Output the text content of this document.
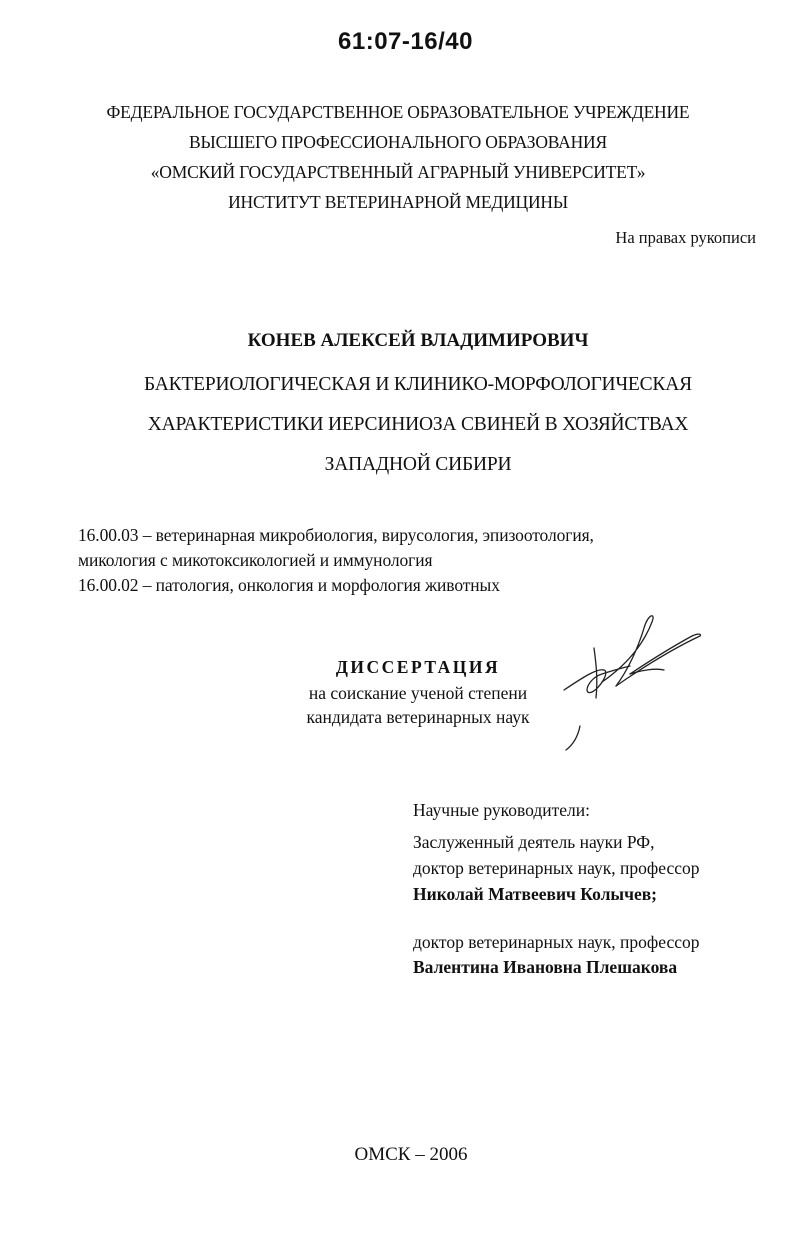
61:07-16/40
ФЕДЕРАЛЬНОЕ ГОСУДАРСТВЕННОЕ ОБРАЗОВАТЕЛЬНОЕ УЧРЕЖДЕНИЕ
ВЫСШЕГО ПРОФЕССИОНАЛЬНОГО ОБРАЗОВАНИЯ
«ОМСКИЙ ГОСУДАРСТВЕННЫЙ АГРАРНЫЙ УНИВЕРСИТЕТ»
ИНСТИТУТ ВЕТЕРИНАРНОЙ МЕДИЦИНЫ
На правах рукописи
КОНЕВ АЛЕКСЕЙ ВЛАДИМИРОВИЧ
БАКТЕРИОЛОГИЧЕСКАЯ И КЛИНИКО-МОРФОЛОГИЧЕСКАЯ
ХАРАКТЕРИСТИКИ ИЕРСИНИОЗА СВИНЕЙ В ХОЗЯЙСТВАХ
ЗАПАДНОЙ СИБИРИ
16.00.03 – ветеринарная микробиология, вирусология, эпизоотология,
микология с микотоксикологией и иммунология
16.00.02 – патология, онкология и морфология животных
ДИССЕРТАЦИЯ
на соискание ученой степени
кандидата ветеринарных наук
Научные руководители:
Заслуженный деятель науки РФ,
доктор ветеринарных наук, профессор
Николай Матвеевич Колычев;
доктор ветеринарных наук, профессор
Валентина Ивановна Плешакова
ОМСК – 2006
